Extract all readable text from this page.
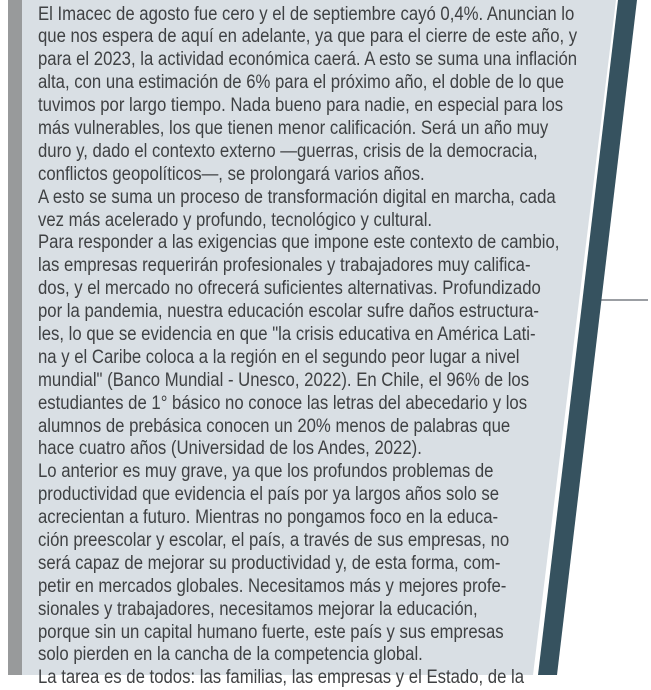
El Imacec de agosto fue cero y el de septiembre cayó 0,4%. Anuncian lo
que nos espera de aquí en adelante, ya que para el cierre de este año, y
para el 2023, la actividad económica caerá. A esto se suma una inflación
alta, con una estimación de 6% para el próximo año, el doble de lo que
tuvimos por largo tiempo. Nada bueno para nadie, en especial para los
más vulnerables, los que tienen menor calificación. Será un año muy
duro y, dado el contexto externo —guerras, crisis de la democracia,
conflictos geopolíticos—, se prolongará varios años.
A esto se suma un proceso de transformación digital en marcha, cada
vez más acelerado y profundo, tecnológico y cultural.
Para responder a las exigencias que impone este contexto de cambio,
las empresas requerirán profesionales y trabajadores muy califica-
dos, y el mercado no ofrecerá suficientes alternativas. Profundizado
por la pandemia, nuestra educación escolar sufre daños estructura-
les, lo que se evidencia en que "la crisis educativa en América Lati-
na y el Caribe coloca a la región en el segundo peor lugar a nivel
mundial" (Banco Mundial - Unesco, 2022). En Chile, el 96% de los
estudiantes de 1° básico no conoce las letras del abecedario y los
alumnos de prebásica conocen un 20% menos de palabras que
hace cuatro años (Universidad de los Andes, 2022).
Lo anterior es muy grave, ya que los profundos problemas de
productividad que evidencia el país por ya largos años solo se
acrecientan a futuro. Mientras no pongamos foco en la educa-
ción preescolar y escolar, el país, a través de sus empresas, no
será capaz de mejorar su productividad y, de esta forma, com-
petir en mercados globales. Necesitamos más y mejores profe-
sionales y trabajadores, necesitamos mejorar la educación,
porque sin un capital humano fuerte, este país y sus empresas
solo pierden en la cancha de la competencia global.
La tarea es de todos: las familias, las empresas y el Estado, de la
